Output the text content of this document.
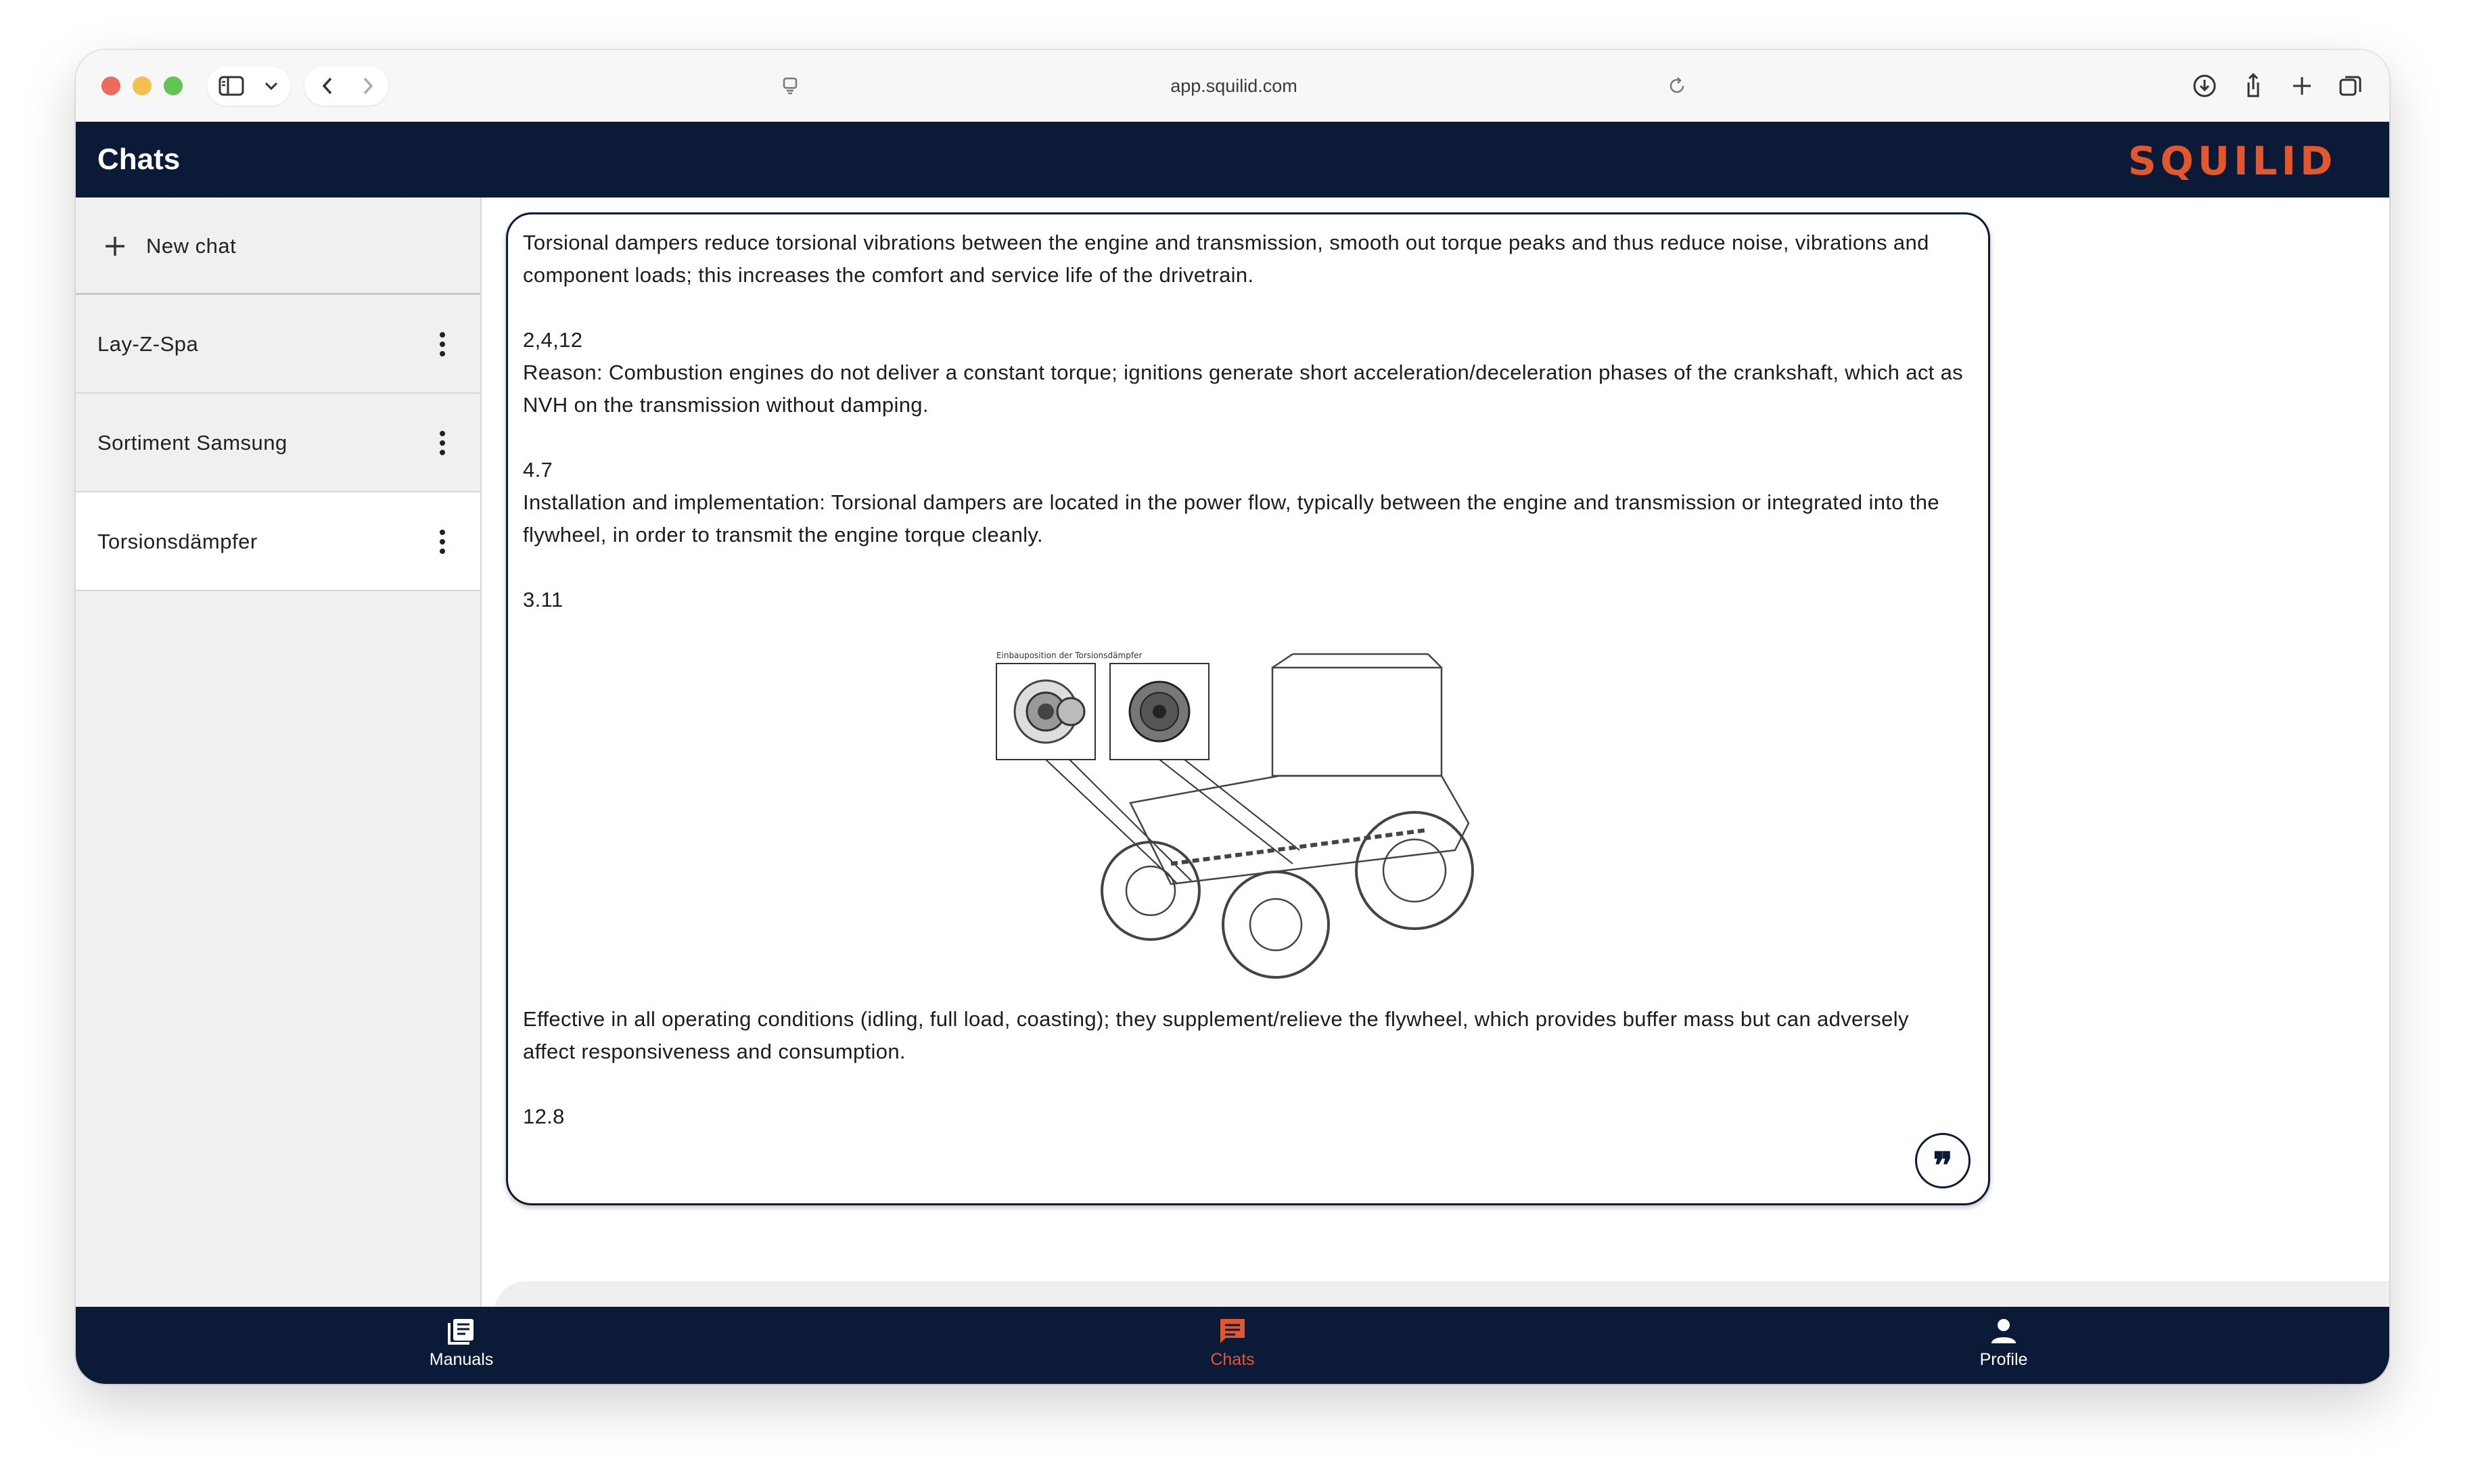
app.squilid.com
Chats	SQUILID
New chat
Lay-Z-Spa
Sortiment Samsung
Torsionsdämpfer

Torsional dampers reduce torsional vibrations between the engine and transmission, smooth out torque peaks and thus reduce noise, vibrations and component loads; this increases the comfort and service life of the drivetrain.

2,4,12

Reason: Combustion engines do not deliver a constant torque; ignitions generate short acceleration/deceleration phases of the crankshaft, which act as NVH on the transmission without damping.

4.7

Installation and implementation: Torsional dampers are located in the power flow, typically between the engine and transmission or integrated into the flywheel, in order to transmit the engine torque cleanly.

3.11

Einbauposition der Torsionsdämpfer

Effective in all operating conditions (idling, full load, coasting); they supplement/relieve the flywheel, which provides buffer mass but can adversely affect responsiveness and consumption.

12.8

❞
Message...
Manuals	Chats	Profile
